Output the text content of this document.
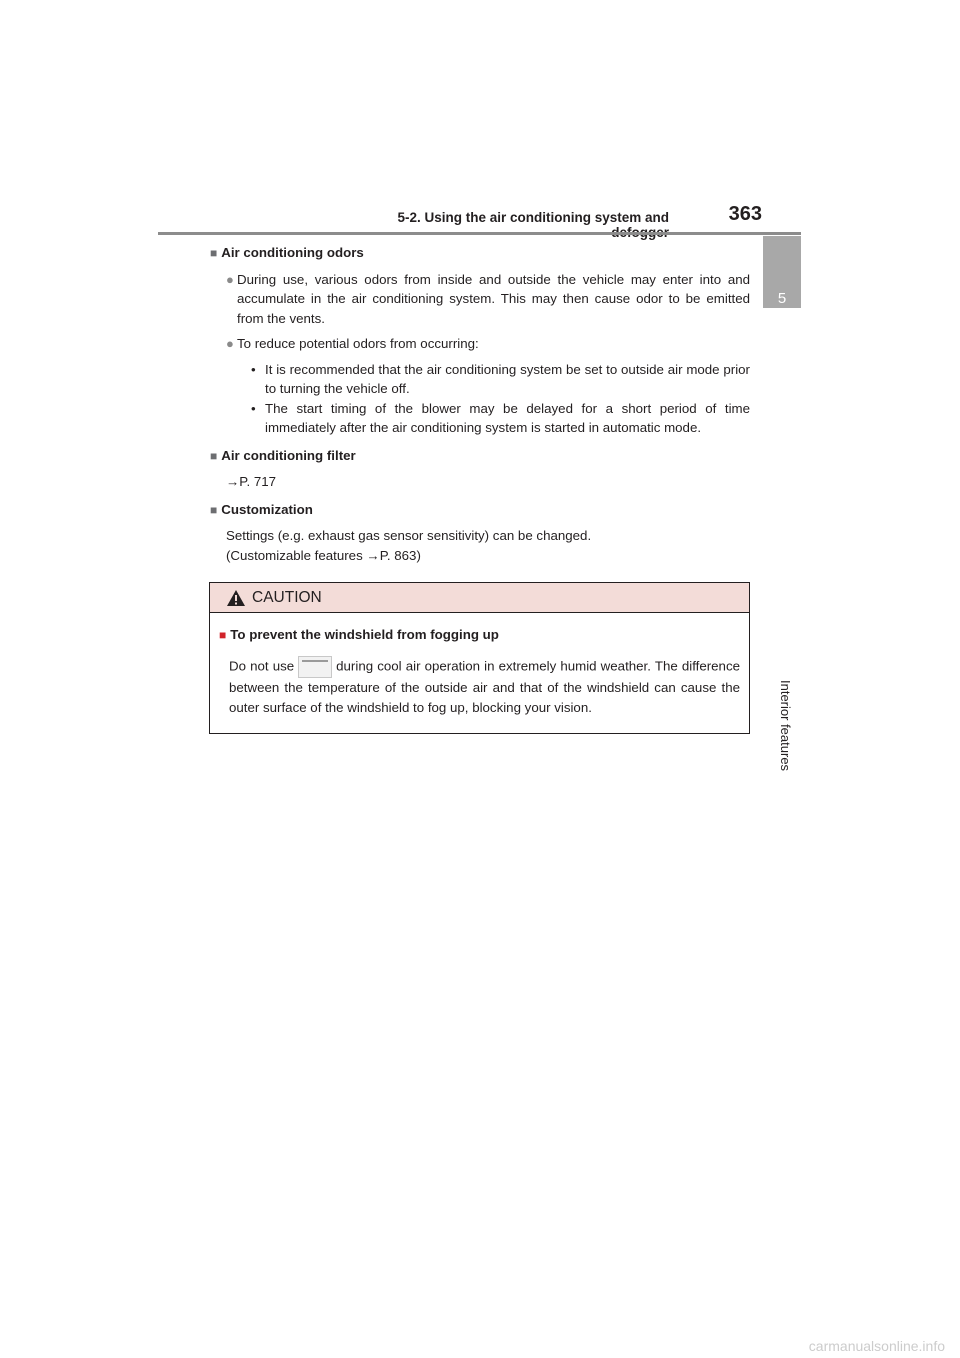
5-2. Using the air conditioning system and	363
5
Interior features
■ Air conditioning odors
● During use, various odors from inside and outside the vehicle may enter into and accumulate in the air conditioning system. This may then cause odor to be emitted from the vents.
● To reduce potential odors from occurring:
• It is recommended that the air conditioning system be set to outside air mode prior to turning the vehicle off.
• The start timing of the blower may be delayed for a short period of time immediately after the air conditioning system is started in automatic mode.
■ Air conditioning filter
→P. 717
■ Customization
Settings (e.g. exhaust gas sensor sensitivity) can be changed.
(Customizable features →P. 863)
CAUTION
■ To prevent the windshield from fogging up
Do not use	during cool air operation in extremely humid weather. The difference between the temperature of the outside air and that of the windshield can cause the outer surface of the windshield to fog up, blocking your vision.
carmanualsonline.info
